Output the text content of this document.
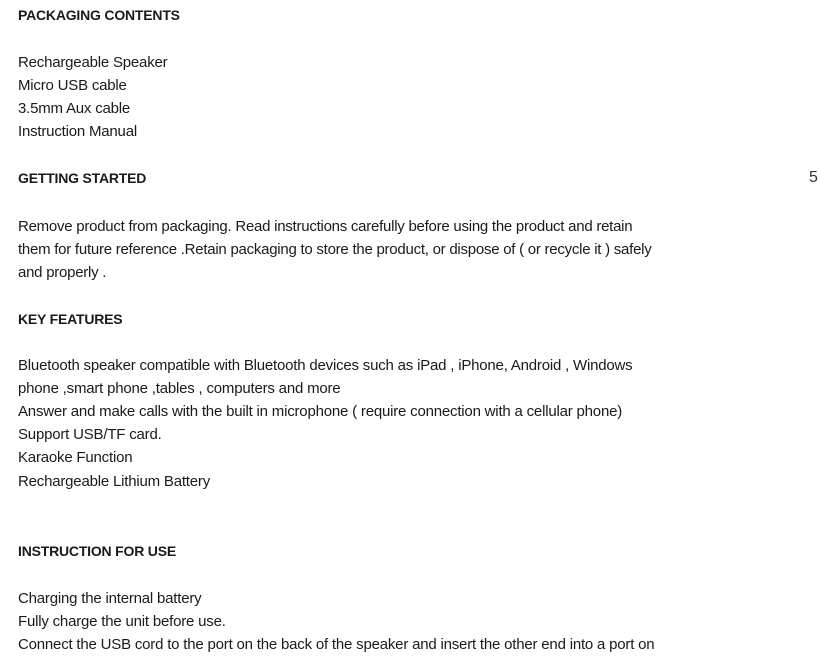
PACKAGING CONTENTS
Rechargeable Speaker
Micro USB cable
3.5mm Aux cable
Instruction Manual
GETTING STARTED
Remove product from packaging. Read instructions carefully before using the product and retain
them for future reference .Retain packaging to store the product, or dispose of ( or recycle it ) safely
and properly .
KEY FEATURES
Bluetooth speaker compatible with Bluetooth devices such as iPad , iPhone, Android , Windows
phone ,smart phone ,tables , computers and more
Answer and make calls with the built in microphone ( require connection with a cellular phone)
Support USB/TF card.
Karaoke Function
Rechargeable Lithium Battery
INSTRUCTION FOR USE
Charging the internal battery
Fully charge the unit before use.
Connect the USB cord to the port on the back of the speaker and insert the other end into a port on
5
